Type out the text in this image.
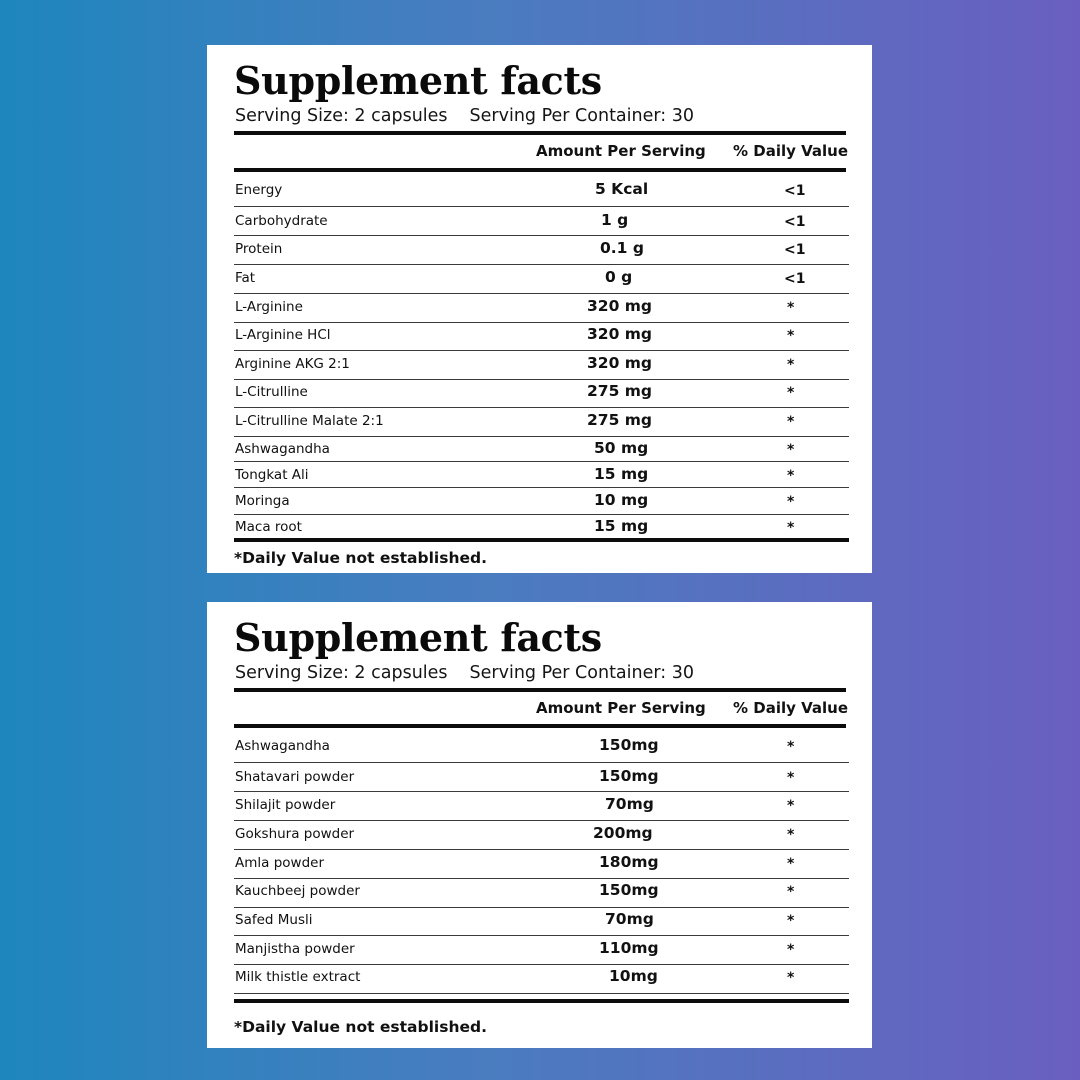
Supplement facts
Serving Size: 2 capsules Serving Per Container: 30
Amount Per Serving % Daily Value
*Daily Value not established.
Energy	5 Kcal	<1
Carbohydrate	1 g	<1
Protein	0.1 g	<1
Fat	0 g	<1
L-Arginine	320 mg	*
L-Arginine HCl	320 mg	*
Arginine AKG 2:1	320 mg	*
L-Citrulline	275 mg	*
L-Citrulline Malate 2:1	275 mg	*
Ashwagandha	50 mg	*
Tongkat Ali	15 mg	*
Moringa	10 mg	*
Maca root	15 mg	*
Supplement facts
Serving Size: 2 capsules Serving Per Container: 30
Amount Per Serving % Daily Value
*Daily Value not established.
Ashwagandha	150mg	*
Shatavari powder	150mg	*
Shilajit powder	70mg	*
Gokshura powder	200mg	*
Amla powder	180mg	*
Kauchbeej powder	150mg	*
Safed Musli	70mg	*
Manjistha powder	110mg	*
Milk thistle extract	10mg	*
